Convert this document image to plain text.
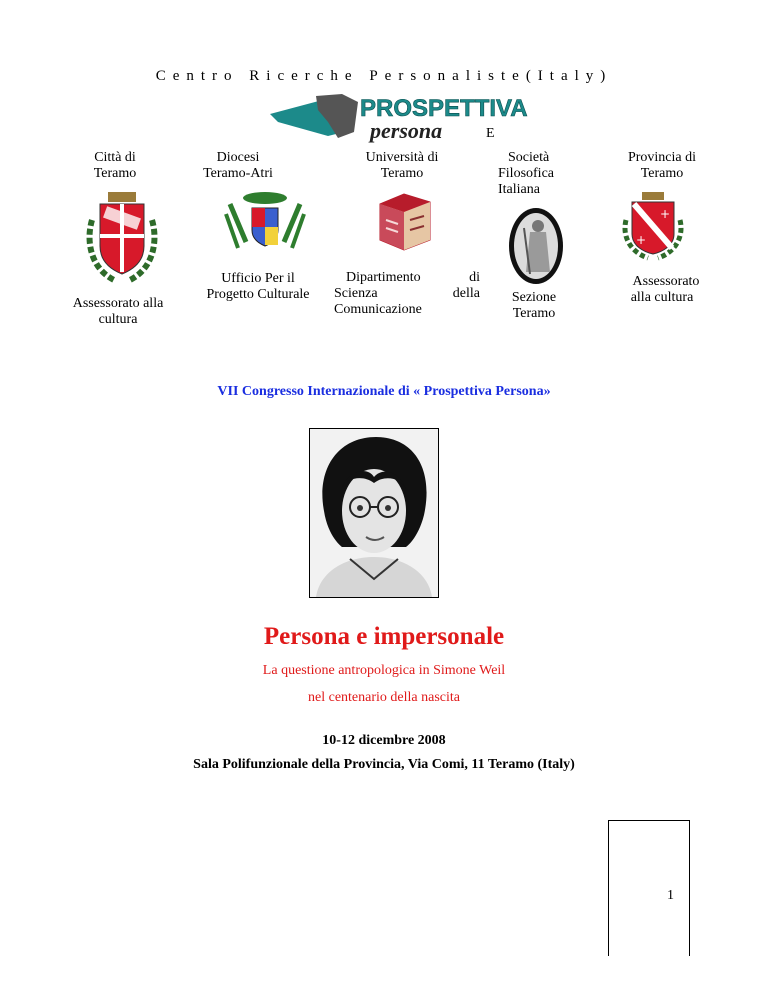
Centro Ricerche Personaliste(Italy)
PROSPETTIVA
persona	E
Città di
Teramo
Assessorato alla
cultura
Diocesi
Teramo-Atri
Ufficio Per il
Progetto Culturale
Università di
Teramo
Dipartimento	di
Scienza	della
Comunicazione
Società
Filosofica
Italiana
Sezione
Teramo
Provincia di
Teramo
+
+
Assessorato
alla cultura
VII Congresso Internazionale di « Prospettiva Persona»
Persona e impersonale
La questione antropologica in Simone Weil
nel centenario della nascita
10-12 dicembre 2008
Sala Polifunzionale della Provincia, Via Comi, 11 Teramo (Italy)
1
